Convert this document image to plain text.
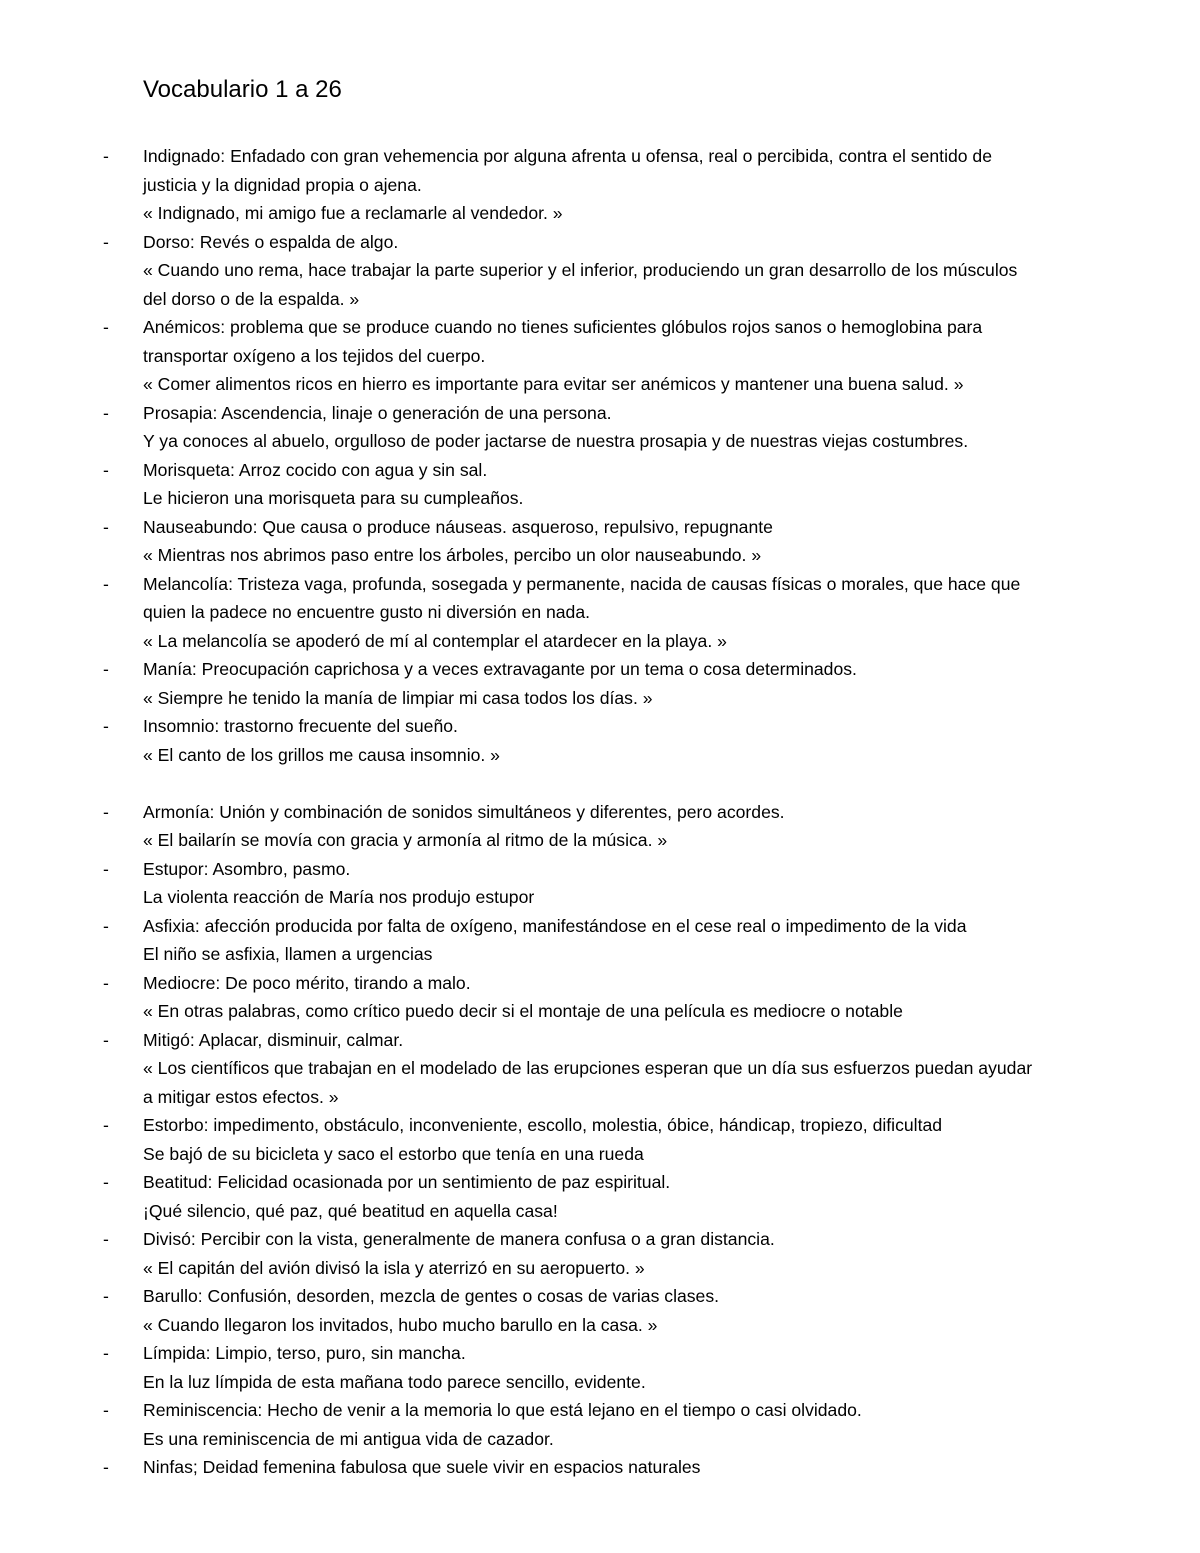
Vocabulario 1 a 26
- Indignado: Enfadado con gran vehemencia por alguna afrenta u ofensa, real o percibida, contra el sentido de
justicia y la dignidad propia o ajena.
« Indignado, mi amigo fue a reclamarle al vendedor. »
- Dorso: Revés o espalda de algo.
« Cuando uno rema, hace trabajar la parte superior y el inferior, produciendo un gran desarrollo de los músculos
del dorso o de la espalda. »
- Anémicos: problema que se produce cuando no tienes suficientes glóbulos rojos sanos o hemoglobina para
transportar oxígeno a los tejidos del cuerpo.
« Comer alimentos ricos en hierro es importante para evitar ser anémicos y mantener una buena salud. »
- Prosapia: Ascendencia, linaje o generación de una persona.
Y ya conoces al abuelo, orgulloso de poder jactarse de nuestra prosapia y de nuestras viejas costumbres.
- Morisqueta: Arroz cocido con agua y sin sal.
Le hicieron una morisqueta para su cumpleaños.
- Nauseabundo: Que causa o produce náuseas. asqueroso, repulsivo, repugnante
« Mientras nos abrimos paso entre los árboles, percibo un olor nauseabundo. »
- Melancolía: Tristeza vaga, profunda, sosegada y permanente, nacida de causas físicas o morales, que hace que
quien la padece no encuentre gusto ni diversión en nada.
« La melancolía se apoderó de mí al contemplar el atardecer en la playa. »
- Manía: Preocupación caprichosa y a veces extravagante por un tema o cosa determinados.
« Siempre he tenido la manía de limpiar mi casa todos los días. »
- Insomnio: trastorno frecuente del sueño.
« El canto de los grillos me causa insomnio. »
- Armonía: Unión y combinación de sonidos simultáneos y diferentes, pero acordes.
« El bailarín se movía con gracia y armonía al ritmo de la música. »
- Estupor: Asombro, pasmo.
La violenta reacción de María nos produjo estupor
- Asfixia: afección producida por falta de oxígeno, manifestándose en el cese real o impedimento de la vida
El niño se asfixia, llamen a urgencias
- Mediocre: De poco mérito, tirando a malo.
« En otras palabras, como crítico puedo decir si el montaje de una película es mediocre o notable
- Mitigó: Aplacar, disminuir, calmar.
« Los científicos que trabajan en el modelado de las erupciones esperan que un día sus esfuerzos puedan ayudar
a mitigar estos efectos. »
- Estorbo: impedimento, obstáculo, inconveniente, escollo, molestia, óbice, hándicap, tropiezo, dificultad
Se bajó de su bicicleta y saco el estorbo que tenía en una rueda
- Beatitud: Felicidad ocasionada por un sentimiento de paz espiritual.
¡Qué silencio, qué paz, qué beatitud en aquella casa!
- Divisó: Percibir con la vista, generalmente de manera confusa o a gran distancia.
« El capitán del avión divisó la isla y aterrizó en su aeropuerto. »
- Barullo: Confusión, desorden, mezcla de gentes o cosas de varias clases.
« Cuando llegaron los invitados, hubo mucho barullo en la casa. »
- Límpida: Limpio, terso, puro, sin mancha.
En la luz límpida de esta mañana todo parece sencillo, evidente.
- Reminiscencia: Hecho de venir a la memoria lo que está lejano en el tiempo o casi olvidado.
Es una reminiscencia de mi antigua vida de cazador.
- Ninfas; Deidad femenina fabulosa que suele vivir en espacios naturales
